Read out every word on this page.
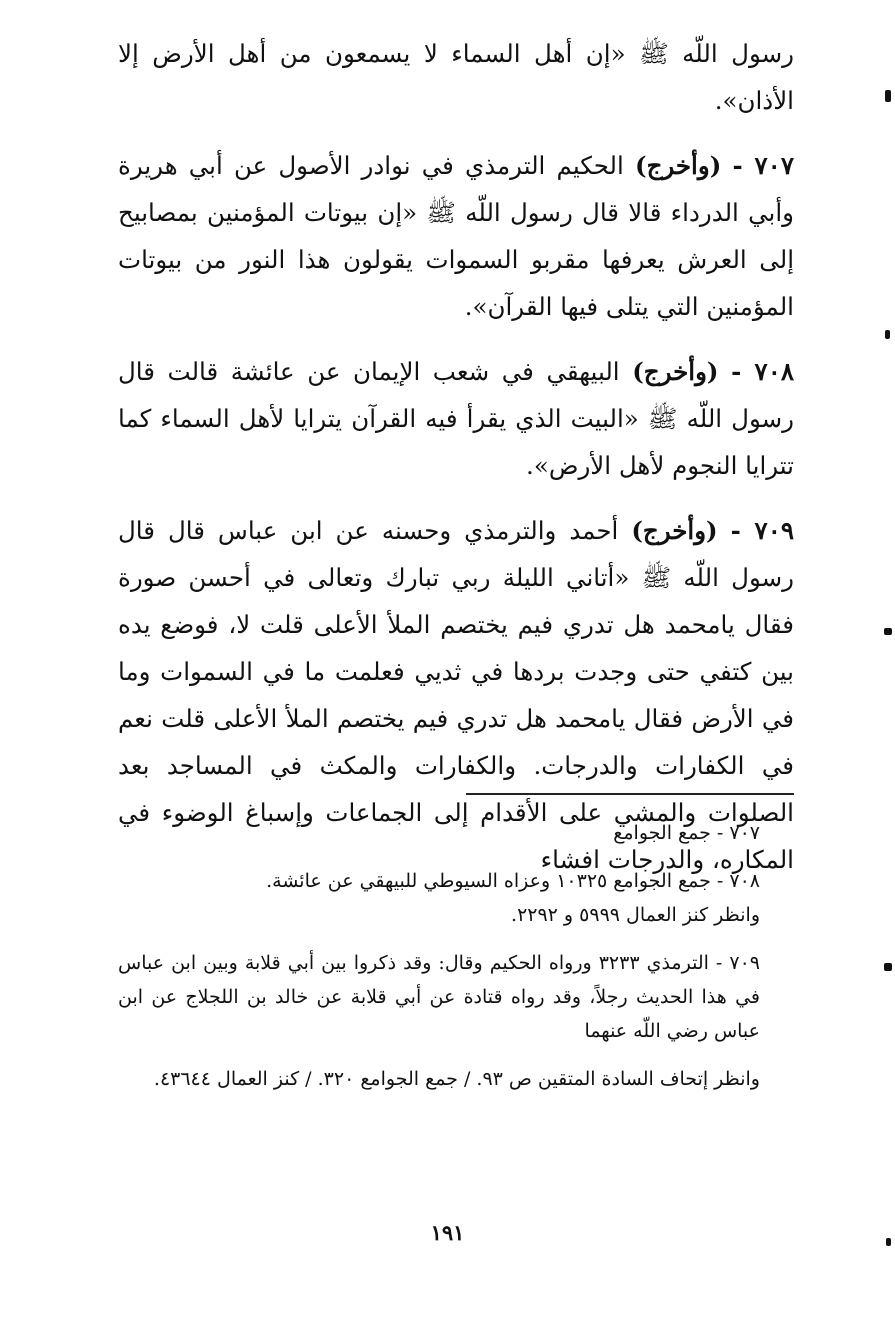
رسول اللّه ﷺ «إن أهل السماء لا يسمعون من أهل الأرض إلا الأذان».

٧٠٧ - (وأخرج) الحكيم الترمذي في نوادر الأصول عن أبي هريرة وأبي الدرداء قالا قال رسول اللّه ﷺ «إن بيوتات المؤمنين بمصابيح إلى العرش يعرفها مقربو السموات يقولون هذا النور من بيوتات المؤمنين التي يتلى فيها القرآن».

٧٠٨ - (وأخرج) البيهقي في شعب الإيمان عن عائشة قالت قال رسول اللّه ﷺ «البيت الذي يقرأ فيه القرآن يترايا لأهل السماء كما تترايا النجوم لأهل الأرض».

٧٠٩ - (وأخرج) أحمد والترمذي وحسنه عن ابن عباس قال قال رسول اللّه ﷺ «أتاني الليلة ربي تبارك وتعالى في أحسن صورة فقال يامحمد هل تدري فيم يختصم الملأ الأعلى قلت لا، فوضع يده بين كتفي حتى وجدت بردها في ثديي فعلمت ما في السموات وما في الأرض فقال يامحمد هل تدري فيم يختصم الملأ الأعلى قلت نعم في الكفارات والدرجات. والكفارات والمكث في المساجد بعد الصلوات والمشي على الأقدام إلى الجماعات وإسباغ الوضوء في المكاره، والدرجات افشاء

٧٠٧ - جمع الجوامع

٧٠٨ - جمع الجوامع ١٠٣٢٥ وعزاه السيوطي للبيهقي عن عائشة.

وانظر كنز العمال ٥٩٩٩ و ٢٢٩٢.

٧٠٩ - الترمذي ٣٢٣٣ ورواه الحكيم وقال: وقد ذكروا بين أبي قلابة وبين ابن عباس في هذا الحديث رجلاً، وقد رواه قتادة عن أبي قلابة عن خالد بن اللجلاج عن ابن عباس رضي اللّه عنهما

وانظر إتحاف السادة المتقين ص ٩٣. / جمع الجوامع ٣٢٠. / كنز العمال ٤٣٦٤٤.

١٩١
